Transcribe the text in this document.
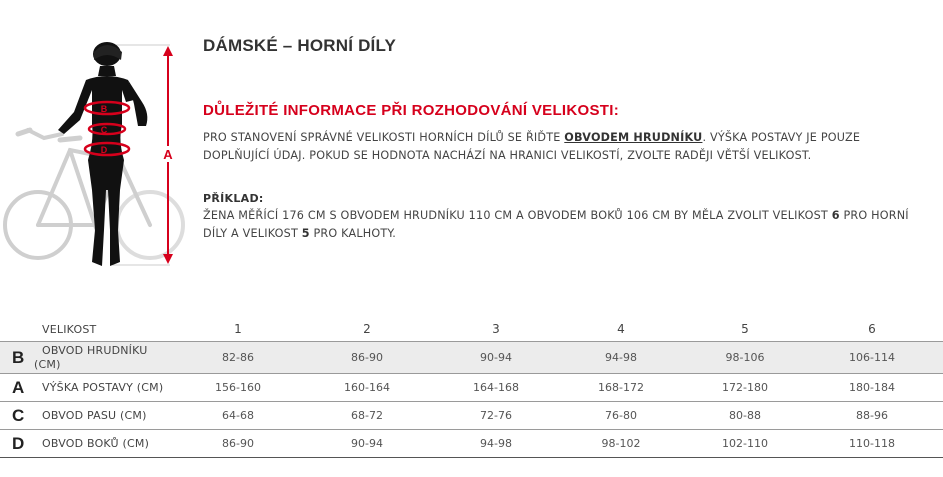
A
B
C
D
DÁMSKÉ – HORNÍ DÍLY
DŮLEŽITÉ INFORMACE PŘI ROZHODOVÁNÍ VELIKOSTI:

PRO STANOVENÍ SPRÁVNÉ VELIKOSTI HORNÍCH DÍLŮ SE ŘIĎTE OBVODEM HRUDNÍKU. VÝŠKA POSTAVY JE POUZE DOPLŇUJÍCÍ ÚDAJ. POKUD SE HODNOTA NACHÁZÍ NA HRANICI VELIKOSTÍ, ZVOLTE RADĚJI VĚTŠÍ VELIKOST.

PŘÍKLAD:

ŽENA MĚŘÍCÍ 176 CM S OBVODEM HRUDNÍKU 110 CM A OBVODEM BOKŮ 106 CM BY MĚLA ZVOLIT VELIKOST 6 PRO HORNÍ DÍLY A VELIKOST 5 PRO KALHOTY.

VELIKOST	1	2	3	4	5	6
B OBVOD HRUDNÍKU
(CM)
82-86	86-90	90-94	94-98	98-106	106-114
A VÝŠKA POSTAVY (CM)	156-160	160-164	164-168	168-172	172-180	180-184
C OBVOD PASU (CM)	64-68	68-72	72-76	76-80	80-88	88-96
D OBVOD BOKŮ (CM)	86-90	90-94	94-98	98-102	102-110	110-118
